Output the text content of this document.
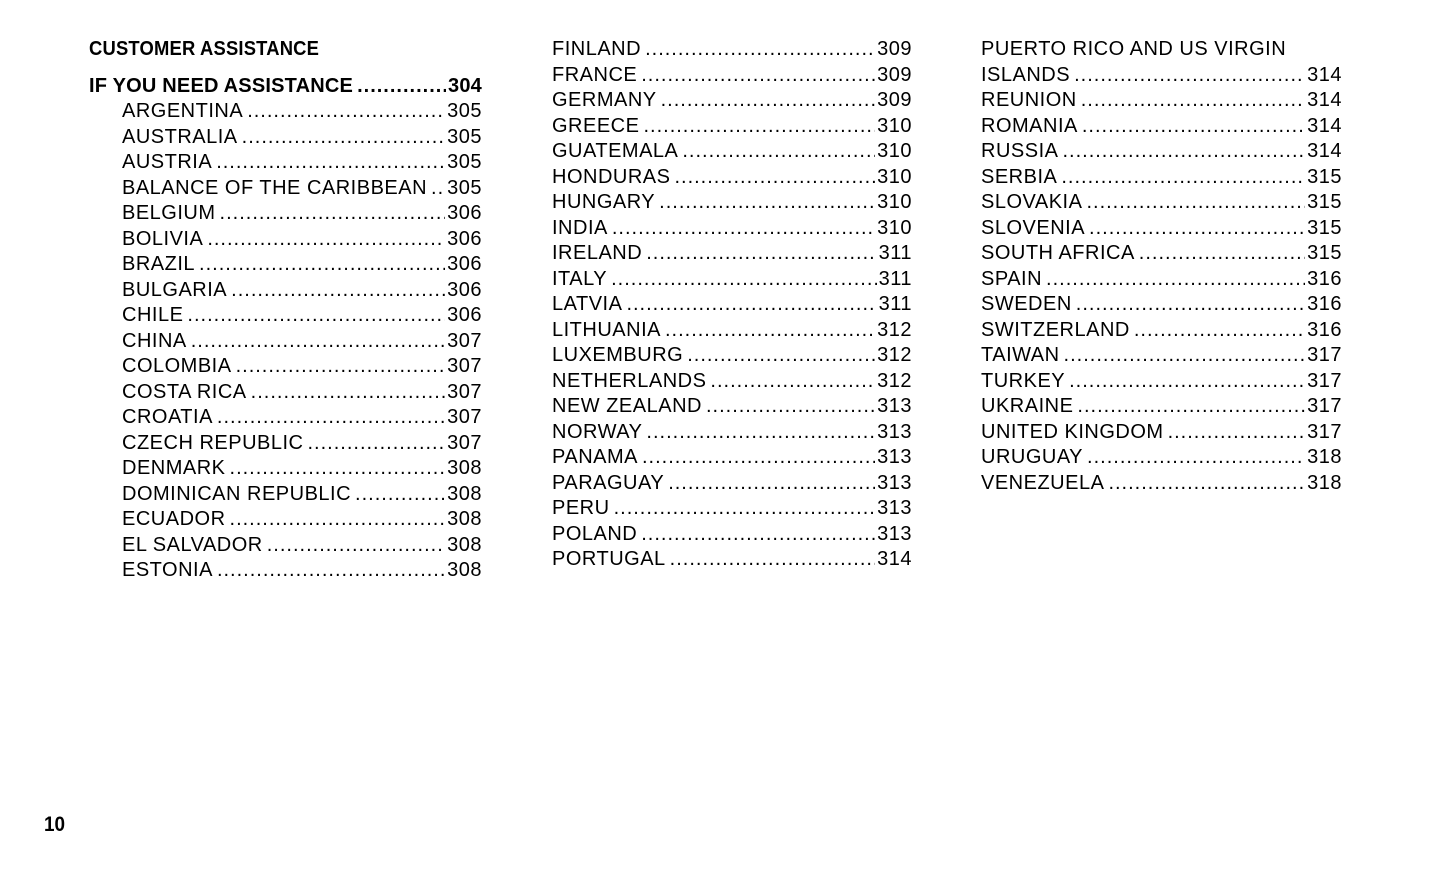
CUSTOMER ASSISTANCE
IF YOU NEED ASSISTANCE .....	304
ARGENTINA .....	305
AUSTRALIA .....	305
AUSTRIA .....	305
BALANCE OF THE CARIBBEAN ..... 305
BELGIUM .....	306
BOLIVIA .....	306
BRAZIL .....	306
BULGARIA .....	306
CHILE .....	306
CHINA .....	307
COLOMBIA .....	307
COSTA RICA .....	307
CROATIA .....	307
CZECH REPUBLIC .....	307
DENMARK .....	308
DOMINICAN REPUBLIC .....	308
ECUADOR .....	308
EL SALVADOR .....	308
ESTONIA .....	308
FINLAND .....	309
FRANCE .....	309
GERMANY .....	309
GREECE .....	310
GUATEMALA .....	310
HONDURAS .....	310
HUNGARY .....	310
INDIA .....	310
IRELAND .....	311
ITALY .....	311
LATVIA .....	311
LITHUANIA .....	312
LUXEMBURG .....	312
NETHERLANDS .....	312
NEW ZEALAND .....	313
NORWAY .....	313
PANAMA .....	313
PARAGUAY .....	313
PERU .....	313
POLAND .....	313
PORTUGAL .....	314
PUERTO RICO AND US VIRGIN
ISLANDS .....	314
REUNION .....	314
ROMANIA .....	314
RUSSIA .....	314
SERBIA .....	315
SLOVAKIA .....	315
SLOVENIA .....	315
SOUTH AFRICA .....	315
SPAIN .....	316
SWEDEN .....	316
SWITZERLAND .....	316
TAIWAN .....	317
TURKEY .....	317
UKRAINE .....	317
UNITED KINGDOM .....	317
URUGUAY .....	318
VENEZUELA .....	318
10
